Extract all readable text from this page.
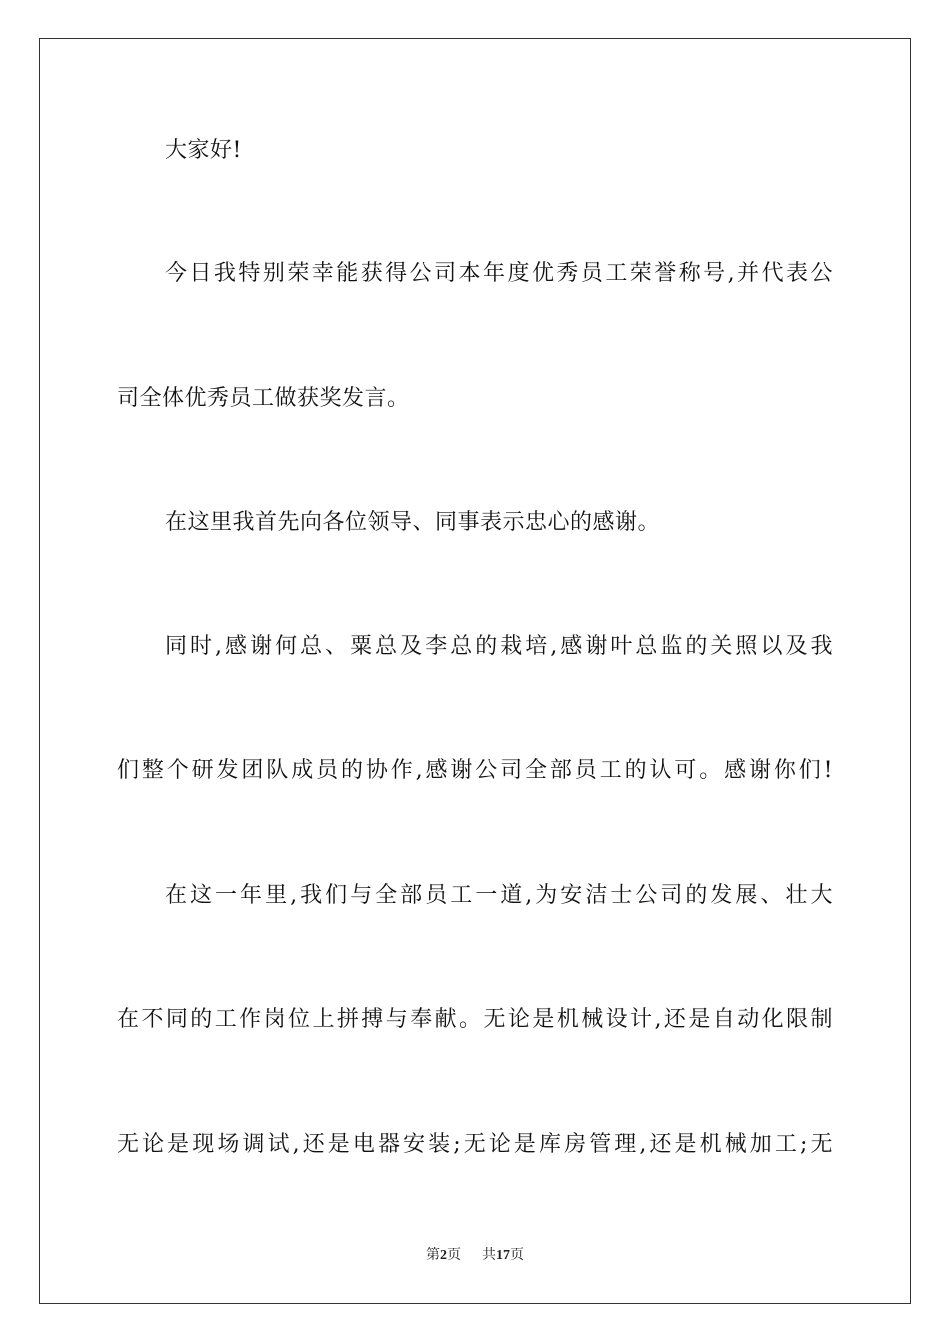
大家好!
今日我特别荣幸能获得公司本年度优秀员工荣誉称号,并代表公
司全体优秀员工做获奖发言。
在这里我首先向各位领导、同事表示忠心的感谢。
同时,感谢何总、粟总及李总的栽培,感谢叶总监的关照以及我
们整个研发团队成员的协作,感谢公司全部员工的认可。感谢你们!
在这一年里,我们与全部员工一道,为安洁士公司的发展、壮大
在不同的工作岗位上拼搏与奉献。无论是机械设计,还是自动化限制
无论是现场调试,还是电器安装;无论是库房管理,还是机械加工;无
第2页 共17页
